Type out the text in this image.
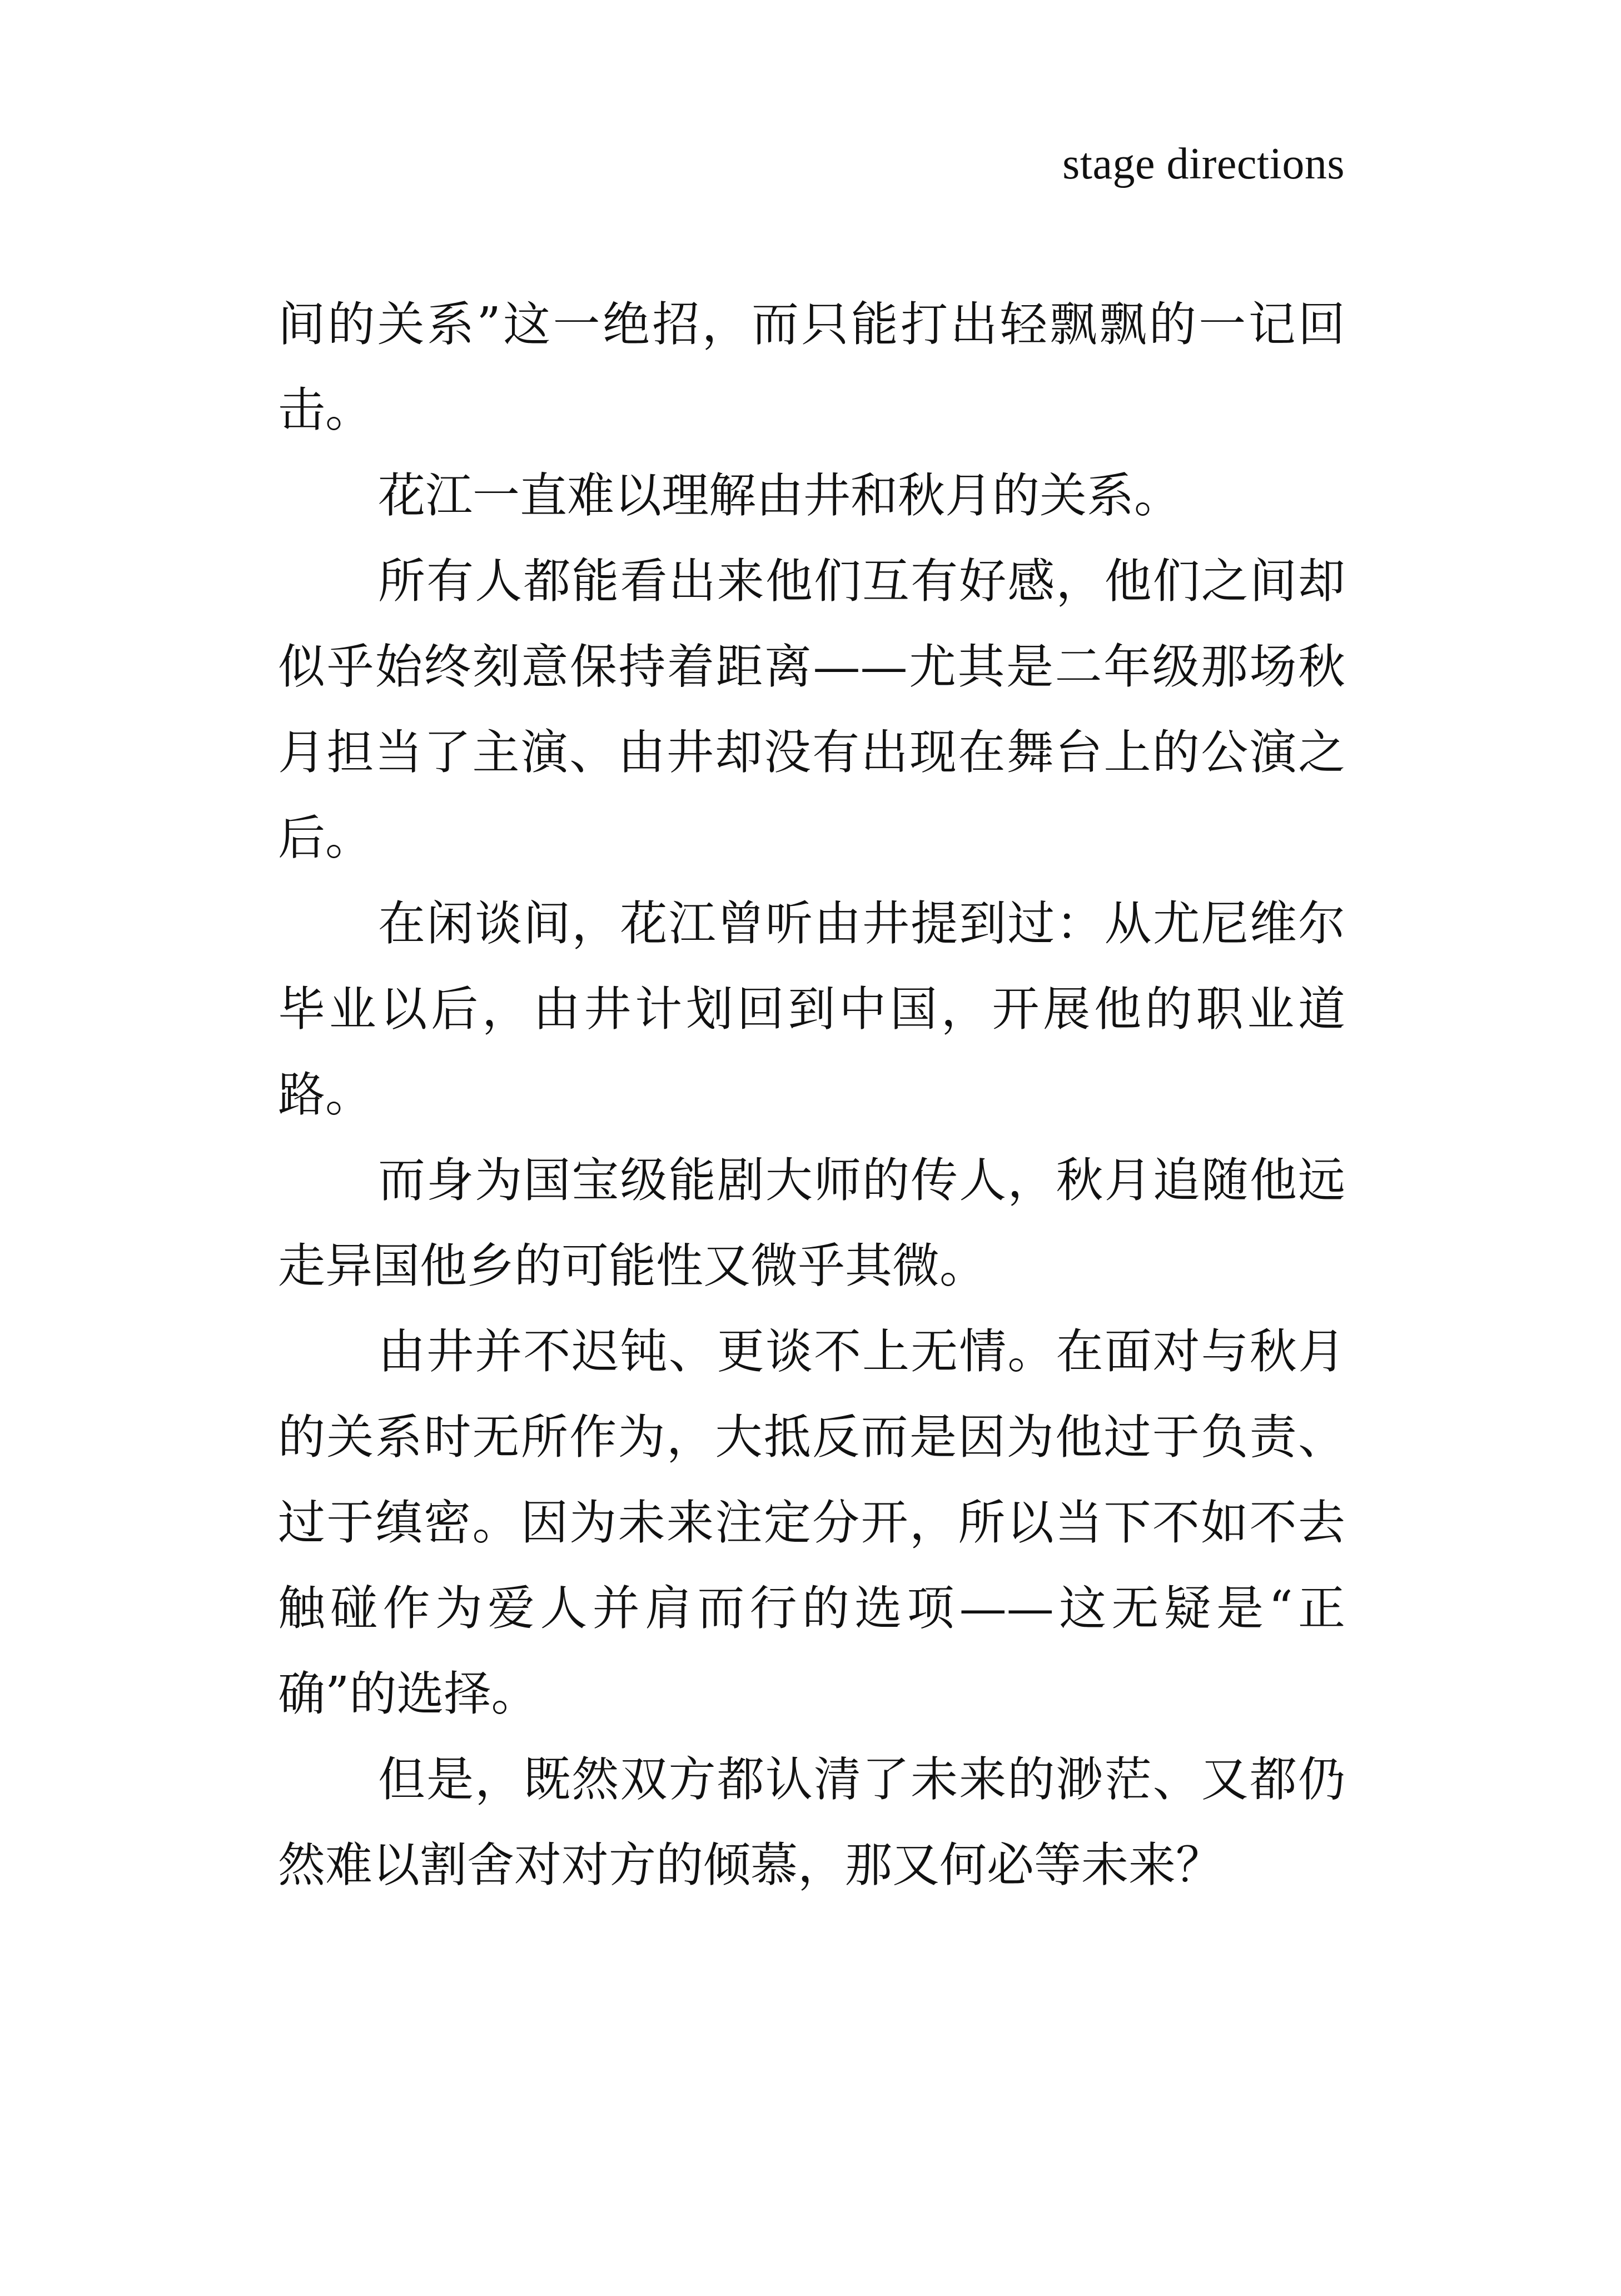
stage directions

间的关系”这一绝招，而只能打出轻飘飘的一记回击。

花江一直难以理解由井和秋月的关系。

所有人都能看出来他们互有好感，他们之间却似乎始终刻意保持着距离——尤其是二年级那场秋月担当了主演、由井却没有出现在舞台上的公演之后。

在闲谈间，花江曾听由井提到过：从尤尼维尔毕业以后，由井计划回到中国，开展他的职业道路。

而身为国宝级能剧大师的传人，秋月追随他远走异国他乡的可能性又微乎其微。

由井并不迟钝、更谈不上无情。在面对与秋月的关系时无所作为，大抵反而是因为他过于负责、过于缜密。因为未来注定分开，所以当下不如不去触碰作为爱人并肩而行的选项——这无疑是“正确”的选择。

但是，既然双方都认清了未来的渺茫、又都仍然难以割舍对对方的倾慕，那又何必等未来？
